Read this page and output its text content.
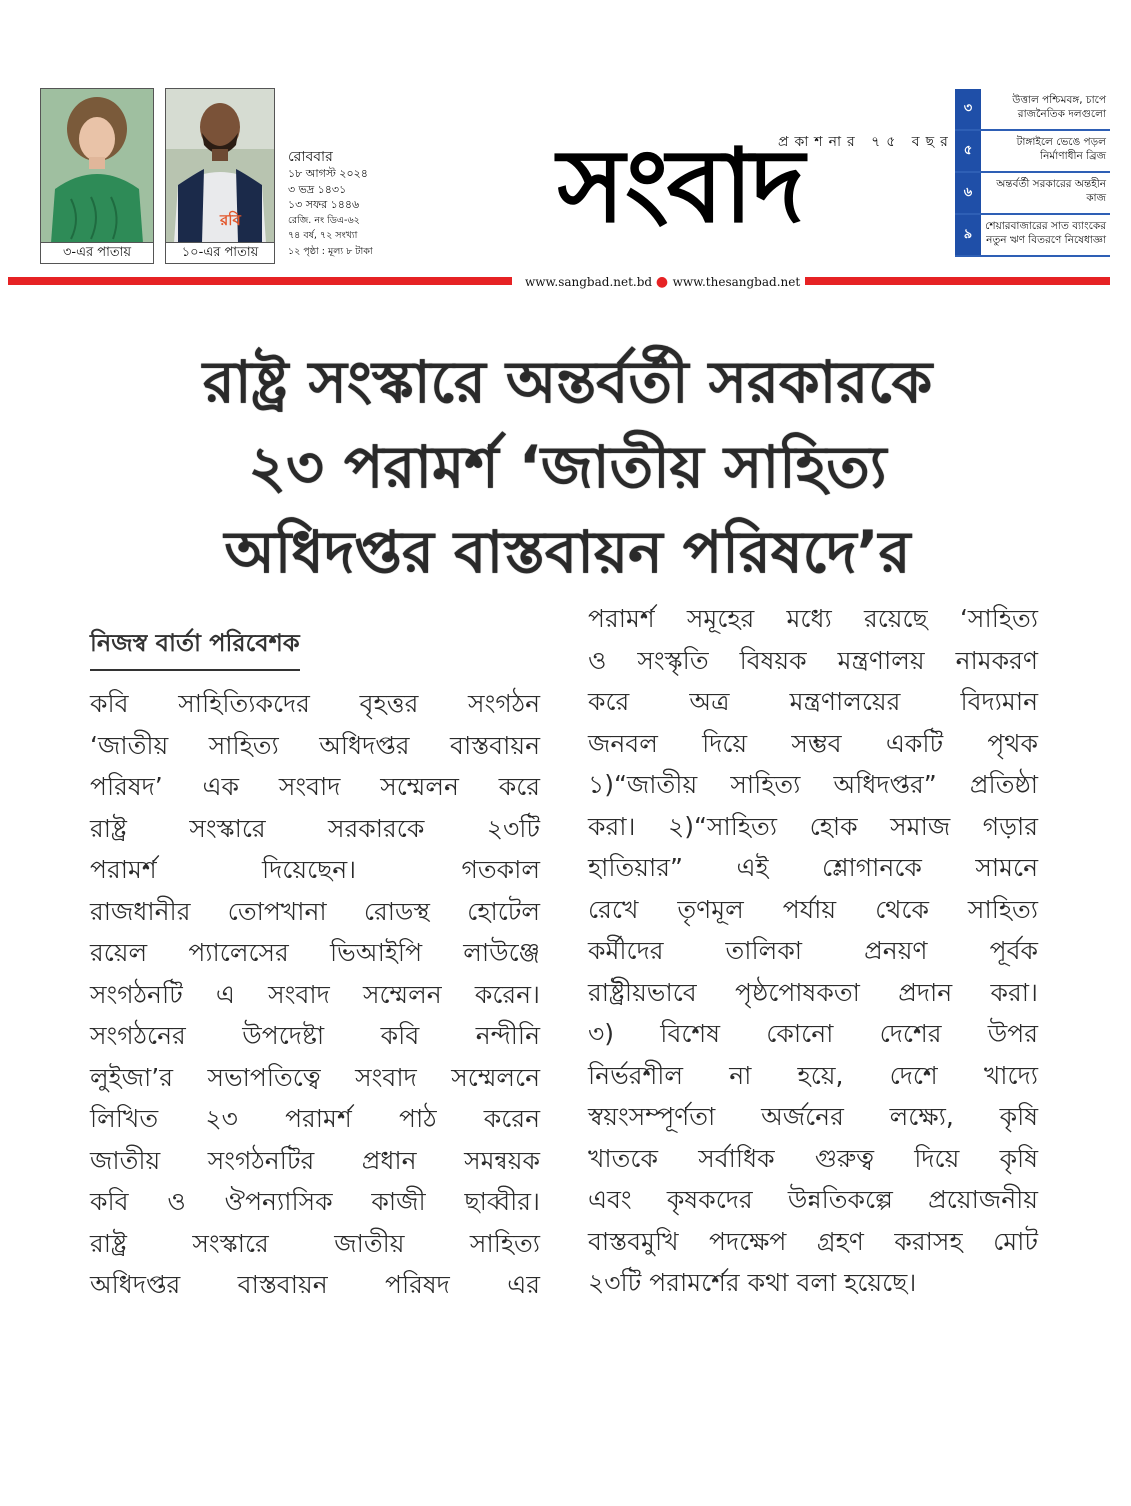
৩-এর পাতায়
রবি
১০-এর পাতায়
রোববার
১৮ আগস্ট ২০২৪
৩ ভদ্র ১৪৩১
১৩ সফর ১৪৪৬
রেজি. নং ডিএ-৬২
৭৪ বর্ষ, ৭২ সংখ্যা
১২ পৃষ্ঠা : মূল্য ৮ টাকা
প্রকাশনার ৭৫ বছর
সংবাদ
৩
উত্তাল পশ্চিমবঙ্গ, চাপে রাজনৈতিক দলগুলো
৫
টাঙ্গাইলে ভেঙে পড়ল নির্মাণাধীন ব্রিজ
৬
অন্তর্বর্তী সরকারের অন্তহীন কাজ
৯
শেয়ারবাজারের সাত ব্যাংকের নতুন ঋণ বিতরণে নিষেধাজ্ঞা
www.sangbad.net.bd ● www.thesangbad.net
রাষ্ট্র সংস্কারে অন্তর্বর্তী সরকারকে
২৩ পরামর্শ ‘জাতীয় সাহিত্য
অধিদপ্তর বাস্তবায়ন পরিষদে’র
নিজস্ব বার্তা পরিবেশক
কবি সাহিত্যিকদের বৃহত্তর সংগঠন
‘জাতীয় সাহিত্য অধিদপ্তর বাস্তবায়ন
পরিষদ’ এক সংবাদ সম্মেলন করে
রাষ্ট্র সংস্কারে সরকারকে ২৩টি
পরামর্শ দিয়েছেন। গতকাল
রাজধানীর তোপখানা রোডস্থ হোটেল
রয়েল প্যালেসের ভিআইপি লাউঞ্জে
সংগঠনটি এ সংবাদ সম্মেলন করেন।
সংগঠনের উপদেষ্টা কবি নন্দীনি
লুইজা’র সভাপতিত্বে সংবাদ সম্মেলনে
লিখিত ২৩ পরামর্শ পাঠ করেন
জাতীয় সংগঠনটির প্রধান সমন্বয়ক
কবি ও ঔপন্যাসিক কাজী ছাব্বীর।
রাষ্ট্র সংস্কারে জাতীয় সাহিত্য
অধিদপ্তর বাস্তবায়ন পরিষদ এর
পরামর্শ সমূহের মধ্যে রয়েছে ‘সাহিত্য
ও সংস্কৃতি বিষয়ক মন্ত্রণালয় নামকরণ
করে অত্র মন্ত্রণালয়ের বিদ্যমান
জনবল দিয়ে সম্ভব একটি পৃথক
১)“জাতীয় সাহিত্য অধিদপ্তর” প্রতিষ্ঠা
করা। ২)“সাহিত্য হোক সমাজ গড়ার
হাতিয়ার” এই শ্লোগানকে সামনে
রেখে তৃণমূল পর্যায় থেকে সাহিত্য
কর্মীদের তালিকা প্রনয়ণ পূর্বক
রাষ্ট্রীয়ভাবে পৃষ্ঠপোষকতা প্রদান করা।
৩) বিশেষ কোনো দেশের উপর
নির্ভরশীল না হয়ে, দেশে খাদ্যে
স্বয়ংসম্পূর্ণতা অর্জনের লক্ষ্যে, কৃষি
খাতকে সর্বাধিক গুরুত্ব দিয়ে কৃষি
এবং কৃষকদের উন্নতিকল্পে প্রয়োজনীয়
বাস্তবমুখি পদক্ষেপ গ্রহণ করাসহ মোট
২৩টি পরামর্শের কথা বলা হয়েছে।
